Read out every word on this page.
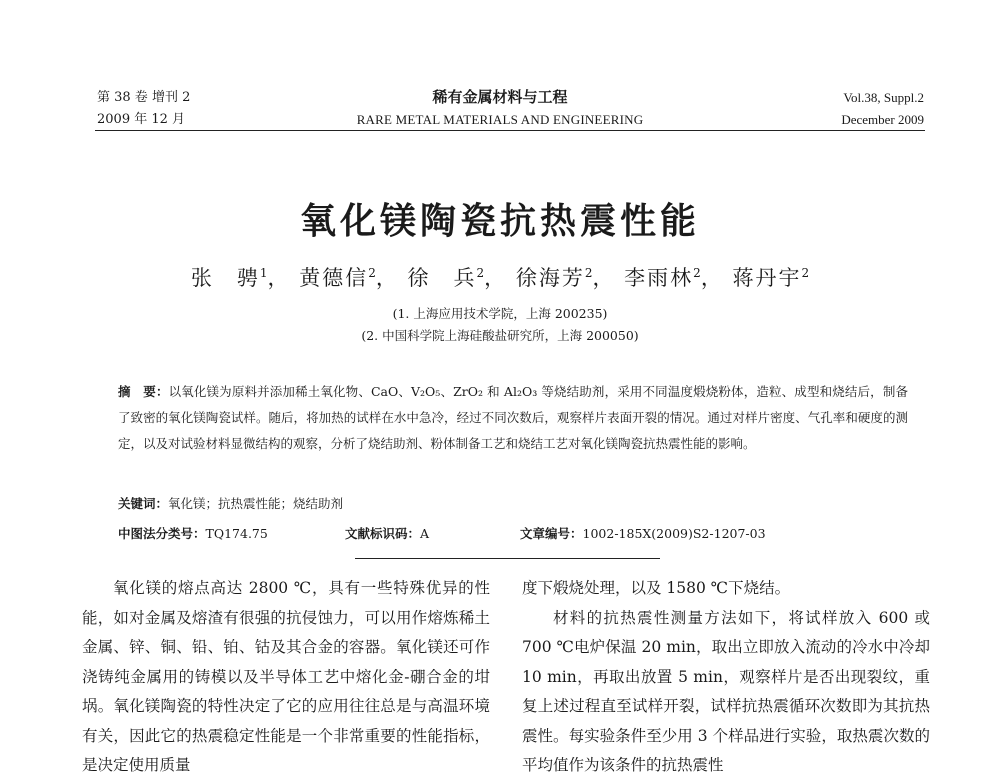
第 38 卷 增刊 2
2009 年 12 月
稀有金属材料与工程
RARE METAL MATERIALS AND ENGINEERING
Vol.38, Suppl.2
December 2009
氧化镁陶瓷抗热震性能
张　骋$^1$， 黄德信$^2$， 徐　兵$^2$， 徐海芳$^2$， 李雨林$^2$， 蒋丹宇$^2$
(1. 上海应用技术学院，上海 200235)
(2. 中国科学院上海硅酸盐研究所，上海 200050)

摘　要：以氧化镁为原料并添加稀土氧化物、CaO、V₂O₅、ZrO₂ 和 Al₂O₃ 等烧结助剂，采用不同温度煅烧粉体，造粒、成型和烧结后，制备了致密的氧化镁陶瓷试样。随后，将加热的试样在水中急冷，经过不同次数后，观察样片表面开裂的情况。通过对样片密度、气孔率和硬度的测定，以及对试验材料显微结构的观察，分析了烧结助剂、粉体制备工艺和烧结工艺对氧化镁陶瓷抗热震性能的影响。

关键词：氧化镁；抗热震性能；烧结助剂
中图法分类号：TQ174.75	文献标识码：A	文章编号：1002-185X(2009)S2-1207-03

氧化镁的熔点高达 2800 ℃，具有一些特殊优异的性能，如对金属及熔渣有很强的抗侵蚀力，可以用作熔炼稀土金属、锌、铜、铅、铂、钴及其合金的容器。氧化镁还可作浇铸纯金属用的铸模以及半导体工艺中熔化金-硼合金的坩埚。氧化镁陶瓷的特性决定了它的应用往往总是与高温环境有关，因此它的热震稳定性能是一个非常重要的性能指标，是决定使用质量

度下煅烧处理，以及 1580 ℃下烧结。

材料的抗热震性测量方法如下，将试样放入 600 或 700 ℃电炉保温 20 min，取出立即放入流动的冷水中冷却 10 min，再取出放置 5 min，观察样片是否出现裂纹，重复上述过程直至试样开裂，试样抗热震循环次数即为其抗热震性。每实验条件至少用 3 个样品进行实验，取热震次数的平均值作为该条件的抗热震性
